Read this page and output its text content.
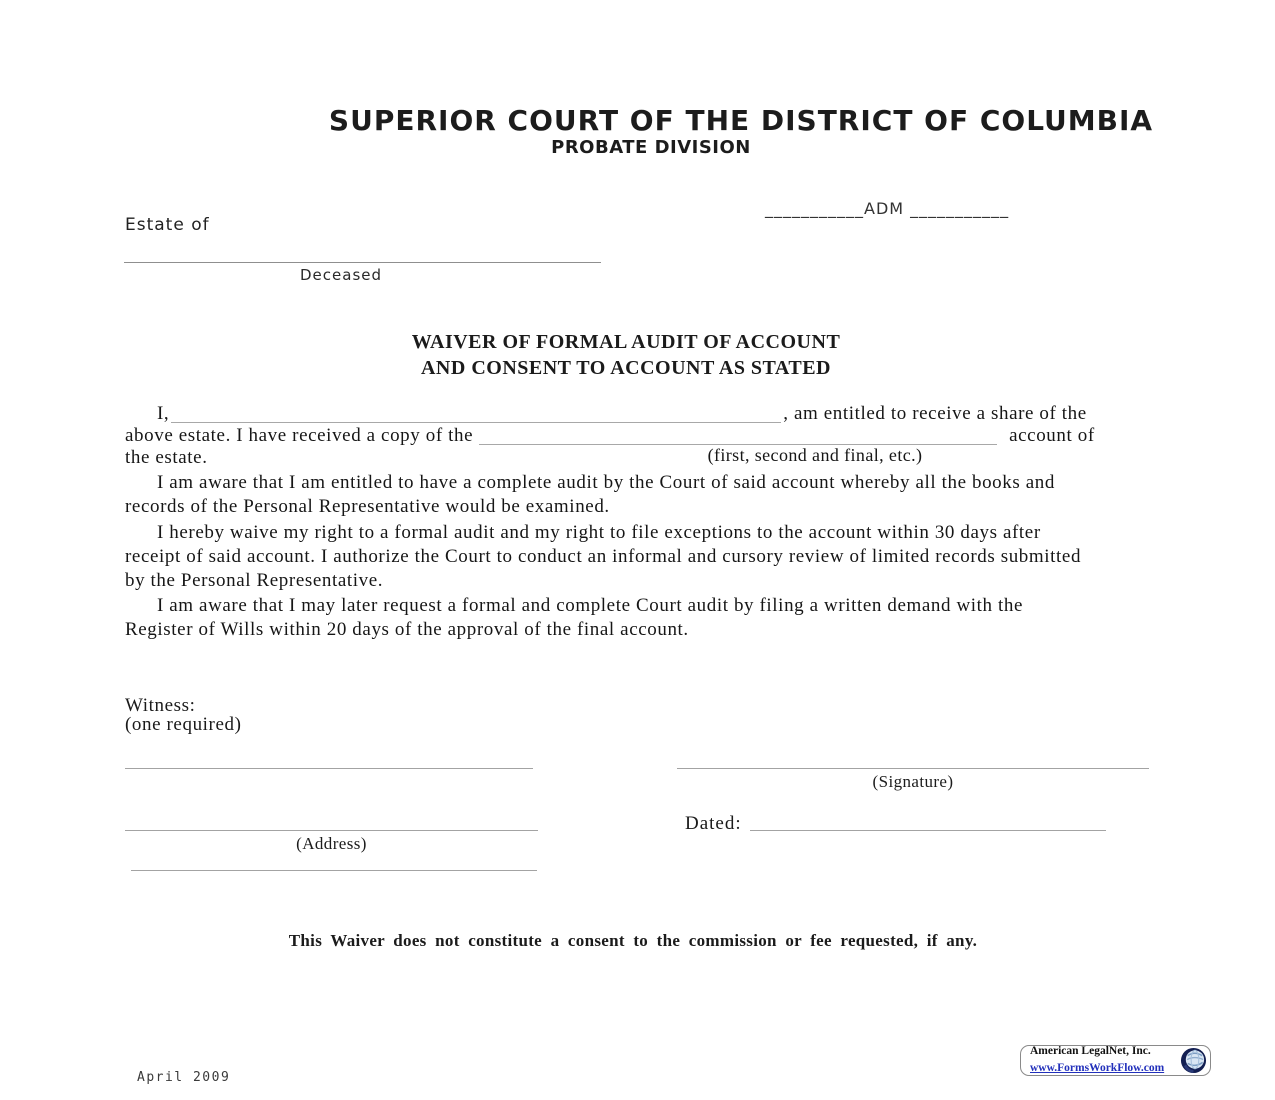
SUPERIOR COURT OF THE DISTRICT OF COLUMBIA
PROBATE DIVISION
___________ADM ___________
Estate of
Deceased
WAIVER OF FORMAL AUDIT OF ACCOUNT
AND CONSENT TO ACCOUNT AS STATED
I,	, am entitled to receive a share of the
above estate. I have received a copy of the	account of
the estate.	(first, second and final, etc.)
I am aware that I am entitled to have a complete audit by the Court of said account whereby all the books and
records of the Personal Representative would be examined.
I hereby waive my right to a formal audit and my right to file exceptions to the account within 30 days after
receipt of said account. I authorize the Court to conduct an informal and cursory review of limited records submitted
by the Personal Representative.
I am aware that I may later request a formal and complete Court audit by filing a written demand with the
Register of Wills within 20 days of the approval of the final account.
Witness:
(one required)
(Signature)
(Address)
Dated:
This Waiver does not constitute a consent to the commission or fee requested, if any.
April 2009
American LegalNet, Inc.
www.FormsWorkFlow.com
